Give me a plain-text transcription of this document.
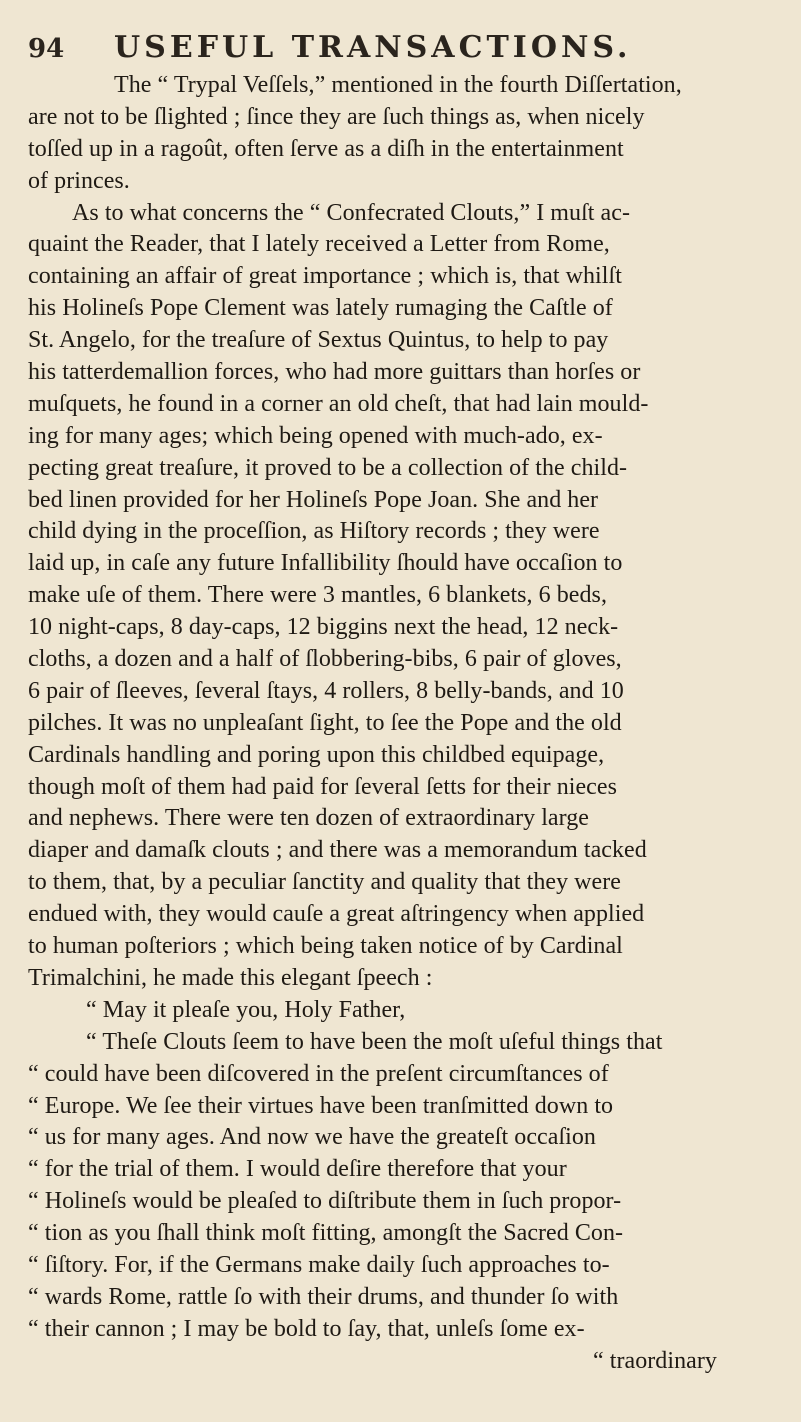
94	USEFUL TRANSACTIONS.
The “ Trypal Veſſels,” mentioned in the fourth Diſſertation,
are not to be ſlighted ; ſince they are ſuch things as, when nicely
toſſed up in a ragoût, often ſerve as a diſh in the entertainment
of princes.
As to what concerns the “ Confecrated Clouts,” I muſt ac-
quaint the Reader, that I lately received a Letter from Rome,
containing an affair of great importance ; which is, that whilſt
his Holineſs Pope Clement was lately rumaging the Caſtle of
St. Angelo, for the treaſure of Sextus Quintus, to help to pay
his tatterdemallion forces, who had more guittars than horſes or
muſquets, he found in a corner an old cheſt, that had lain mould-
ing for many ages; which being opened with much-ado, ex-
pecting great treaſure, it proved to be a collection of the child-
bed linen provided for her Holineſs Pope Joan. She and her
child dying in the proceſſion, as Hiſtory records ; they were
laid up, in caſe any future Infallibility ſhould have occaſion to
make uſe of them. There were 3 mantles, 6 blankets, 6 beds,
10 night-caps, 8 day-caps, 12 biggins next the head, 12 neck-
cloths, a dozen and a half of ſlobbering-bibs, 6 pair of gloves,
6 pair of ſleeves, ſeveral ſtays, 4 rollers, 8 belly-bands, and 10
pilches. It was no unpleaſant ſight, to ſee the Pope and the old
Cardinals handling and poring upon this childbed equipage,
though moſt of them had paid for ſeveral ſetts for their nieces
and nephews. There were ten dozen of extraordinary large
diaper and damaſk clouts ; and there was a memorandum tacked
to them, that, by a peculiar ſanctity and quality that they were
endued with, they would cauſe a great aſtringency when applied
to human poſteriors ; which being taken notice of by Cardinal
Trimalchini, he made this elegant ſpeech :
“ May it pleaſe you, Holy Father,
“ Theſe Clouts ſeem to have been the moſt uſeful things that
“ could have been diſcovered in the preſent circumſtances of
“ Europe. We ſee their virtues have been tranſmitted down to
“ us for many ages. And now we have the greateſt occaſion
“ for the trial of them. I would deſire therefore that your
“ Holineſs would be pleaſed to diſtribute them in ſuch propor-
“ tion as you ſhall think moſt fitting, amongſt the Sacred Con-
“ ſiſtory. For, if the Germans make daily ſuch approaches to-
“ wards Rome, rattle ſo with their drums, and thunder ſo with
“ their cannon ; I may be bold to ſay, that, unleſs ſome ex-
“ traordinary
